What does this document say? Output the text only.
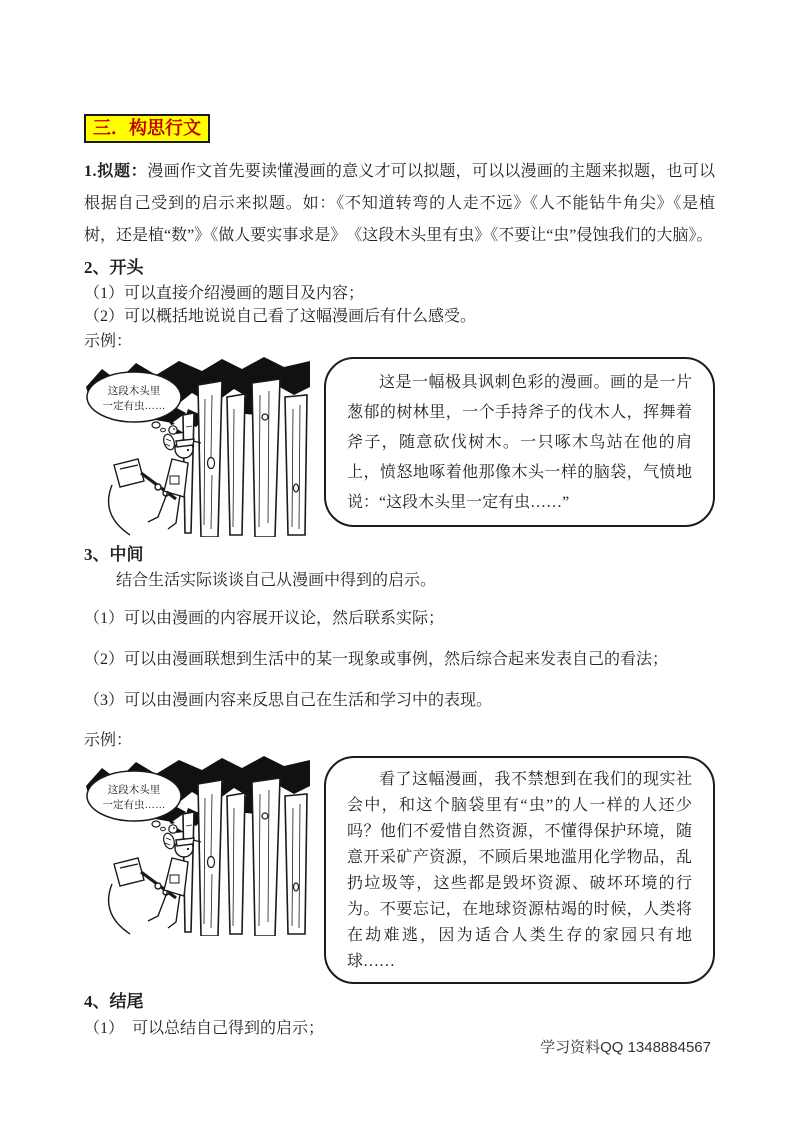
三．构思行文

1.拟题：漫画作文首先要读懂漫画的意义才可以拟题，可以以漫画的主题来拟题，也可以根据自己受到的启示来拟题。如：《不知道转弯的人走不远》《人不能钻牛角尖》《是植树，还是植“数”》《做人要实事求是》　《这段木头里有虫》《不要让“虫”侵蚀我们的大脑》。

2、开头

（1）可以直接介绍漫画的题目及内容；

（2）可以概括地说说自己看了这幅漫画后有什么感受。

示例：

这段木头里
一定有虫……

这是一幅极具讽刺色彩的漫画。画的是一片葱郁的树林里，一个手持斧子的伐木人，挥舞着斧子，随意砍伐树木。一只啄木鸟站在他的肩上，愤怒地啄着他那像木头一样的脑袋，气愤地说：“这段木头里一定有虫……”

3、中间

结合生活实际谈谈自己从漫画中得到的启示。

（1）可以由漫画的内容展开议论，然后联系实际；

（2）可以由漫画联想到生活中的某一现象或事例，然后综合起来发表自己的看法；

（3）可以由漫画内容来反思自己在生活和学习中的表现。

示例：

这段木头里
一定有虫……

看了这幅漫画，我不禁想到在我们的现实社会中，和这个脑袋里有“虫”的人一样的人还少吗？他们不爱惜自然资源，不懂得保护环境，随意开采矿产资源，不顾后果地滥用化学物品，乱扔垃圾等，这些都是毁坏资源、破坏环境的行为。不要忘记，在地球资源枯竭的时候，人类将在劫难逃，因为适合人类生存的家园只有地球……

4、结尾

（1）　可以总结自己得到的启示；

学习资料QQ 1348884567
